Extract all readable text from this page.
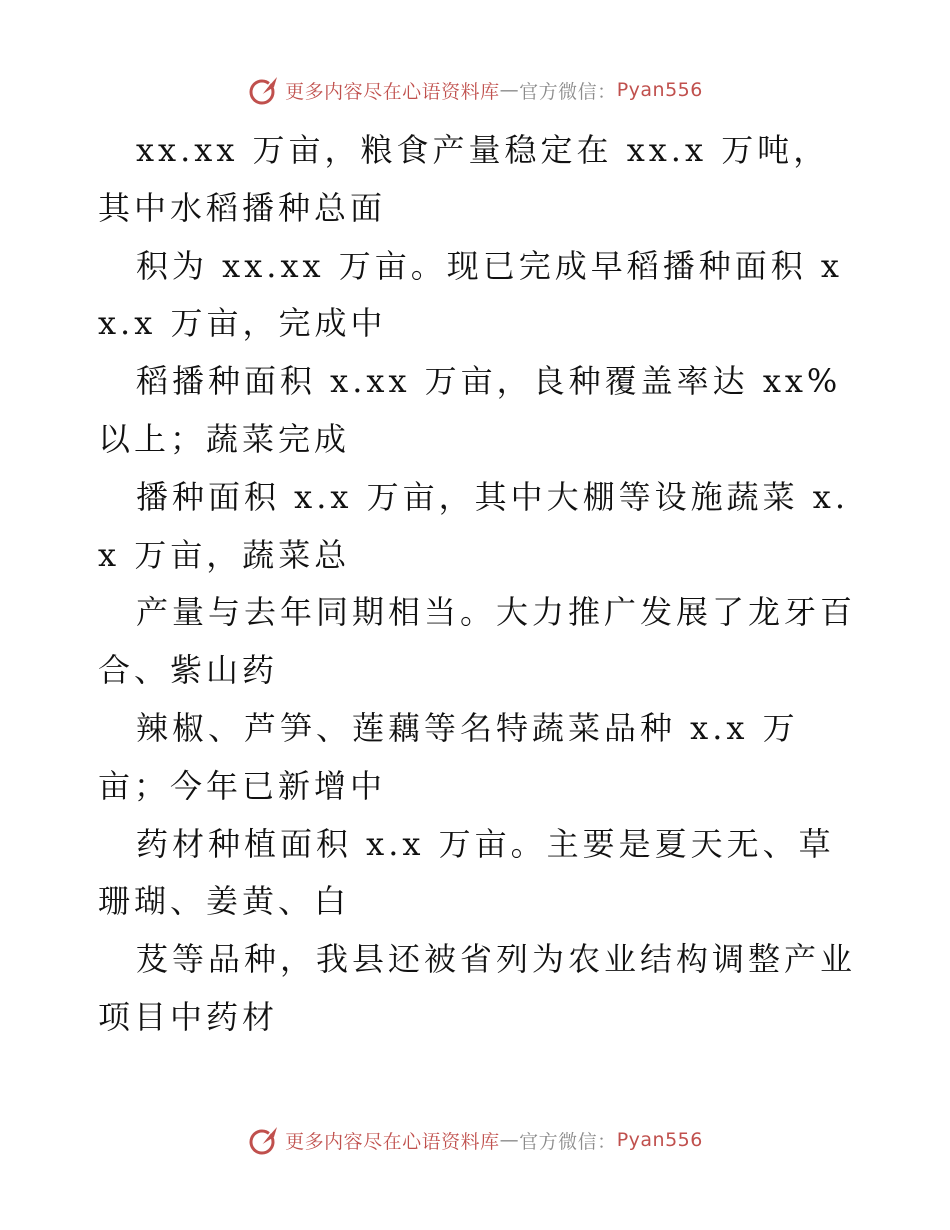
更多内容尽在心语资料库 — 官方微信： Pyan556

xx.xx 万亩，粮食产量稳定在 xx.x 万吨，其中水稻播种总面

积为 xx.xx 万亩。现已完成早稻播种面积 xx.x 万亩，完成中

稻播种面积 x.xx 万亩，良种覆盖率达 xx%以上；蔬菜完成

播种面积 x.x 万亩，其中大棚等设施蔬菜 x.x 万亩，蔬菜总

产量与去年同期相当。大力推广发展了龙牙百合、紫山药

辣椒、芦笋、莲藕等名特蔬菜品种 x.x 万亩；今年已新增中

药材种植面积 x.x 万亩。主要是夏天无、草珊瑚、姜黄、白

芨等品种，我县还被省列为农业结构调整产业项目中药材

更多内容尽在心语资料库 — 官方微信： Pyan556
